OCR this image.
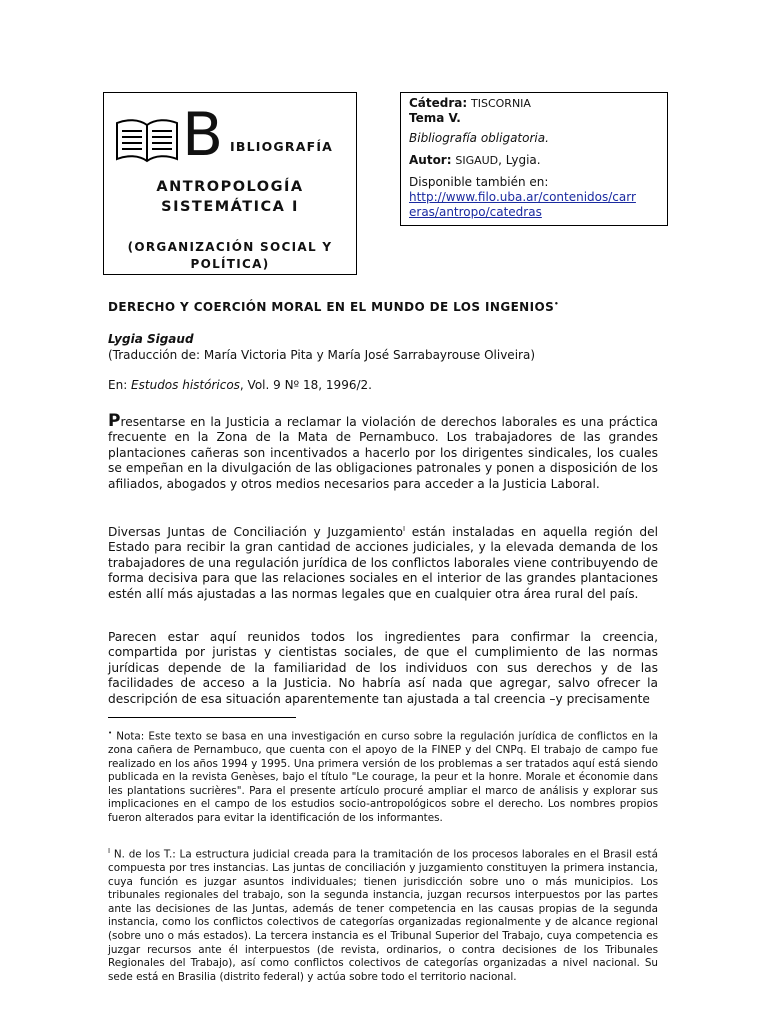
B IBLIOGRAFÍA
ANTROPOLOGÍA
SISTEMÁTICA I
(ORGANIZACIÓN SOCIAL Y
POLÍTICA)
Cátedra: TISCORNIA
Tema V.
Bibliografía obligatoria.
Autor: SIGAUD, Lygia.
Disponible también en:
http://www.filo.uba.ar/contenidos/carr
eras/antropo/catedras
DERECHO Y COERCIÓN MORAL EN EL MUNDO DE LOS INGENIOS•
Lygia Sigaud
(Traducción de: María Victoria Pita y María José Sarrabayrouse Oliveira)
En: Estudos históricos, Vol. 9 Nº 18, 1996/2.
Presentarse en la Justicia a reclamar la violación de derechos laborales es una práctica frecuente en la Zona de la Mata de Pernambuco. Los trabajadores de las grandes plantaciones cañeras son incentivados a hacerlo por los dirigentes sindicales, los cuales se empeñan en la divulgación de las obligaciones patronales y ponen a disposición de los afiliados, abogados y otros medios necesarios para acceder a la Justicia Laboral.
Diversas Juntas de Conciliación y Juzgamiento$^I$ están instaladas en aquella región del Estado para recibir la gran cantidad de acciones judiciales, y la elevada demanda de los trabajadores de una regulación jurídica de los conflictos laborales viene contribuyendo de forma decisiva para que las relaciones sociales en el interior de las grandes plantaciones estén allí más ajustadas a las normas legales que en cualquier otra área rural del país.
Parecen estar aquí reunidos todos los ingredientes para confirmar la creencia, compartida por juristas y cientistas sociales, de que el cumplimiento de las normas jurídicas depende de la familiaridad de los individuos con sus derechos y de las facilidades de acceso a la Justicia. No habría así nada que agregar, salvo ofrecer la descripción de esa situación aparentemente tan ajustada a tal creencia –y precisamente
• Nota: Este texto se basa en una investigación en curso sobre la regulación jurídica de conflictos en la zona cañera de Pernambuco, que cuenta con el apoyo de la FINEP y del CNPq. El trabajo de campo fue realizado en los años 1994 y 1995. Una primera versión de los problemas a ser tratados aquí está siendo publicada en la revista Genèses, bajo el título "Le courage, la peur et la honre. Morale et économie dans les plantations sucrières". Para el presente artículo procuré ampliar el marco de análisis y explorar sus implicaciones en el campo de los estudios socio-antropológicos sobre el derecho. Los nombres propios fueron alterados para evitar la identificación de los informantes.
$^I$ N. de los T.: La estructura judicial creada para la tramitación de los procesos laborales en el Brasil está compuesta por tres instancias. Las juntas de conciliación y juzgamiento constituyen la primera instancia, cuya función es juzgar asuntos individuales; tienen jurisdicción sobre uno o más municipios. Los tribunales regionales del trabajo, son la segunda instancia, juzgan recursos interpuestos por las partes ante las decisiones de las Juntas, además de tener competencia en las causas propias de la segunda instancia, como los conflictos colectivos de categorías organizadas regionalmente y de alcance regional (sobre uno o más estados). La tercera instancia es el Tribunal Superior del Trabajo, cuya competencia es juzgar recursos ante él interpuestos (de revista, ordinarios, o contra decisiones de los Tribunales Regionales del Trabajo), así como conflictos colectivos de categorías organizadas a nivel nacional. Su sede está en Brasilia (distrito federal) y actúa sobre todo el territorio nacional.
